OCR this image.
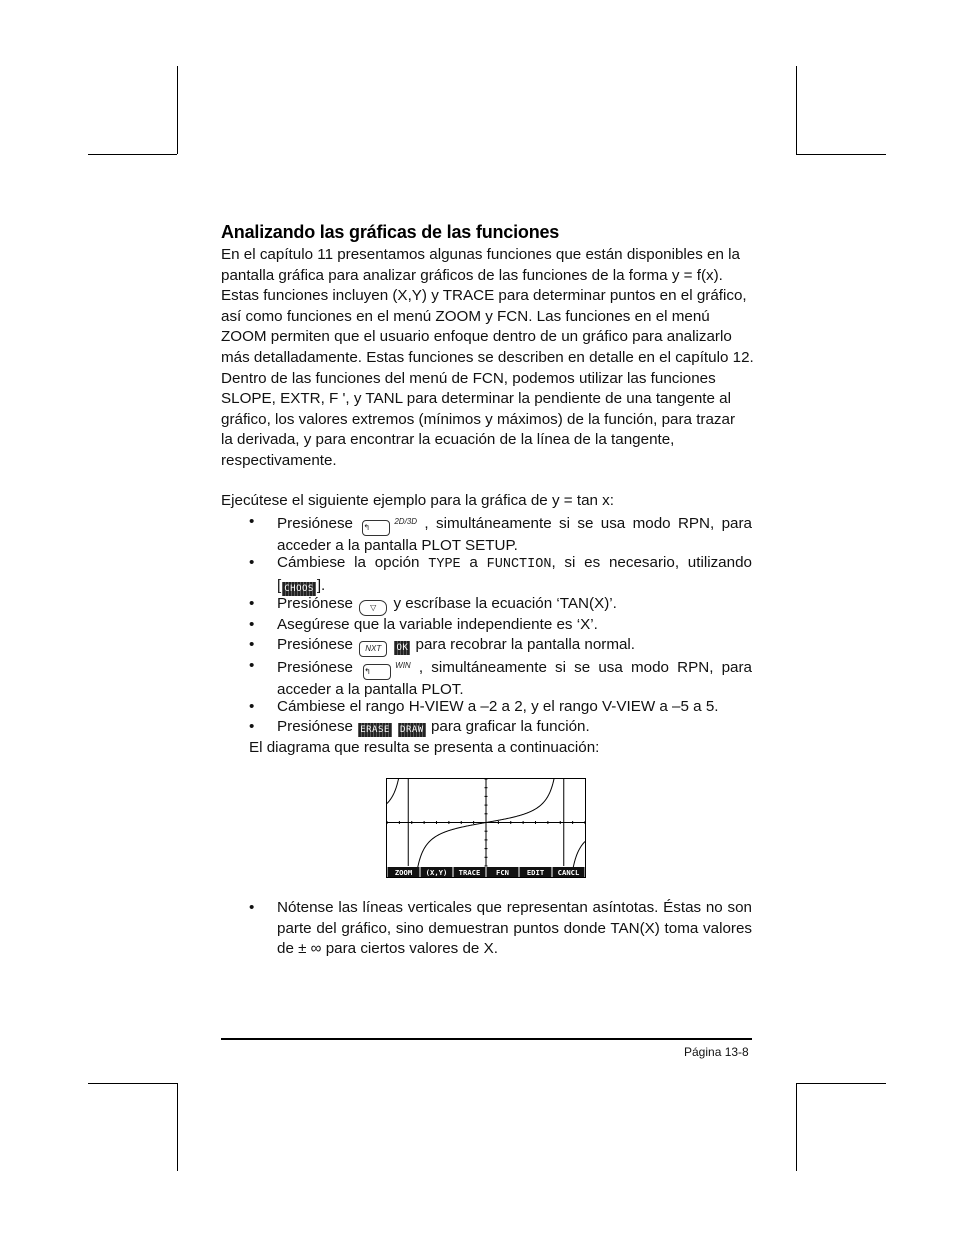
Analizando las gráficas de las funciones
En el capítulo 11 presentamos algunas funciones que están disponibles en la
pantalla gráfica para analizar gráficos de las funciones de la forma y = f(x).
Estas funciones incluyen (X,Y) y TRACE para determinar puntos en el gráfico,
así como funciones en el menú ZOOM y FCN. Las funciones en el menú
ZOOM permiten que el usuario enfoque dentro de un gráfico para analizarlo
más detalladamente. Estas funciones se describen en detalle en el capítulo 12.
Dentro de las funciones del menú de FCN, podemos utilizar las funciones
SLOPE, EXTR, F ', y TANL para determinar la pendiente de una tangente al
gráfico, los valores extremos (mínimos y máximos) de la función, para trazar
la derivada, y para encontrar la ecuación de la línea de la tangente,
respectivamente.
Ejecútese el siguiente ejemplo para la gráfica de y = tan x:
• Presiónese ↰2D/3D , simultáneamente si se usa modo RPN, para
acceder a la pantalla PLOT SETUP.
• Cámbiese la opción TYPE a FUNCTION, si es necesario, utilizando
[ CHOOS ].
• Presiónese ▽ y escríbase la ecuación ‘TAN(X)’.
• Asegúrese que la variable independiente es ‘X’.
• Presiónese NXT OK para recobrar la pantalla normal.
• Presiónese ↰WIN , simultáneamente si se usa modo RPN, para
acceder a la pantalla PLOT.
• Cámbiese el rango H-VIEW a –2 a 2, y el rango V-VIEW a –5 a 5.
• Presiónese ERASE DRAW para graficar la función.
El diagrama que resulta se presenta a continuación:
ZOOM (X,Y) TRACE FCN EDIT CANCL
• Nótense las líneas verticales que representan asíntotas. Éstas no son
parte del gráfico, sino demuestran puntos donde TAN(X) toma valores
de ± ∞ para ciertos valores de X.
Página 13-8
